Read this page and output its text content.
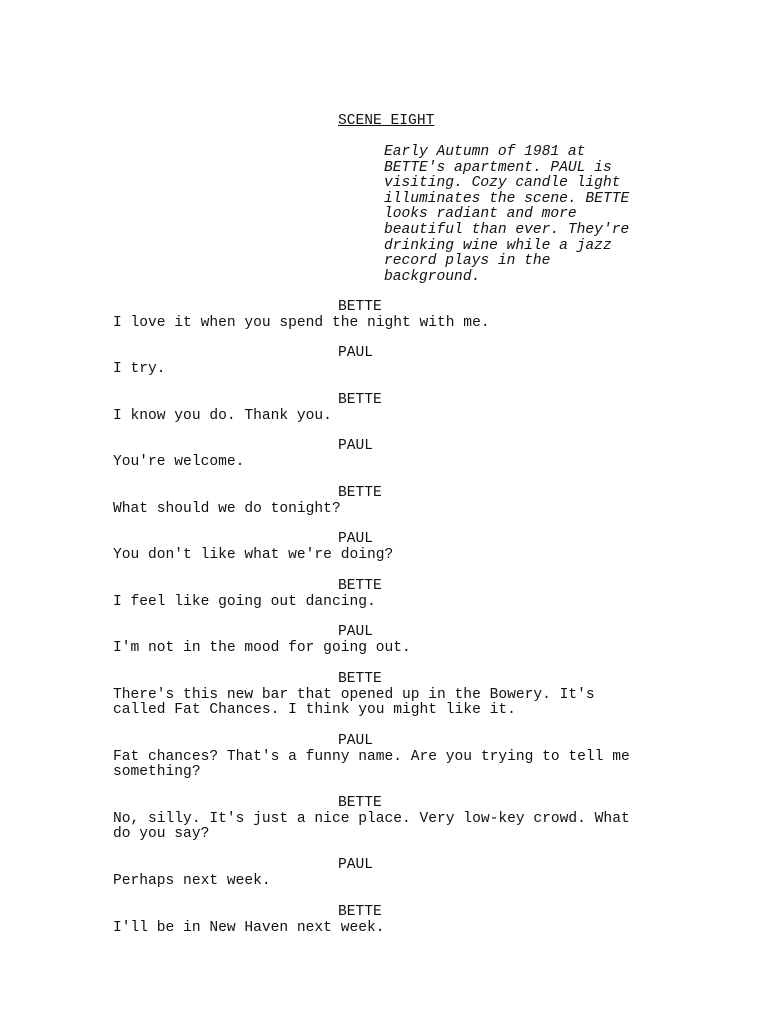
SCENE EIGHT
Early Autumn of 1981 at
BETTE's apartment. PAUL is
visiting. Cozy candle light
illuminates the scene. BETTE
looks radiant and more
beautiful than ever. They're
drinking wine while a jazz
record plays in the
background.
BETTE
I love it when you spend the night with me.
PAUL
I try.
BETTE
I know you do. Thank you.
PAUL
You're welcome.
BETTE
What should we do tonight?
PAUL
You don't like what we're doing?
BETTE
I feel like going out dancing.
PAUL
I'm not in the mood for going out.
BETTE
There's this new bar that opened up in the Bowery. It's
called Fat Chances. I think you might like it.
PAUL
Fat chances? That's a funny name. Are you trying to tell me
something?
BETTE
No, silly. It's just a nice place. Very low-key crowd. What
do you say?
PAUL
Perhaps next week.
BETTE
I'll be in New Haven next week.
